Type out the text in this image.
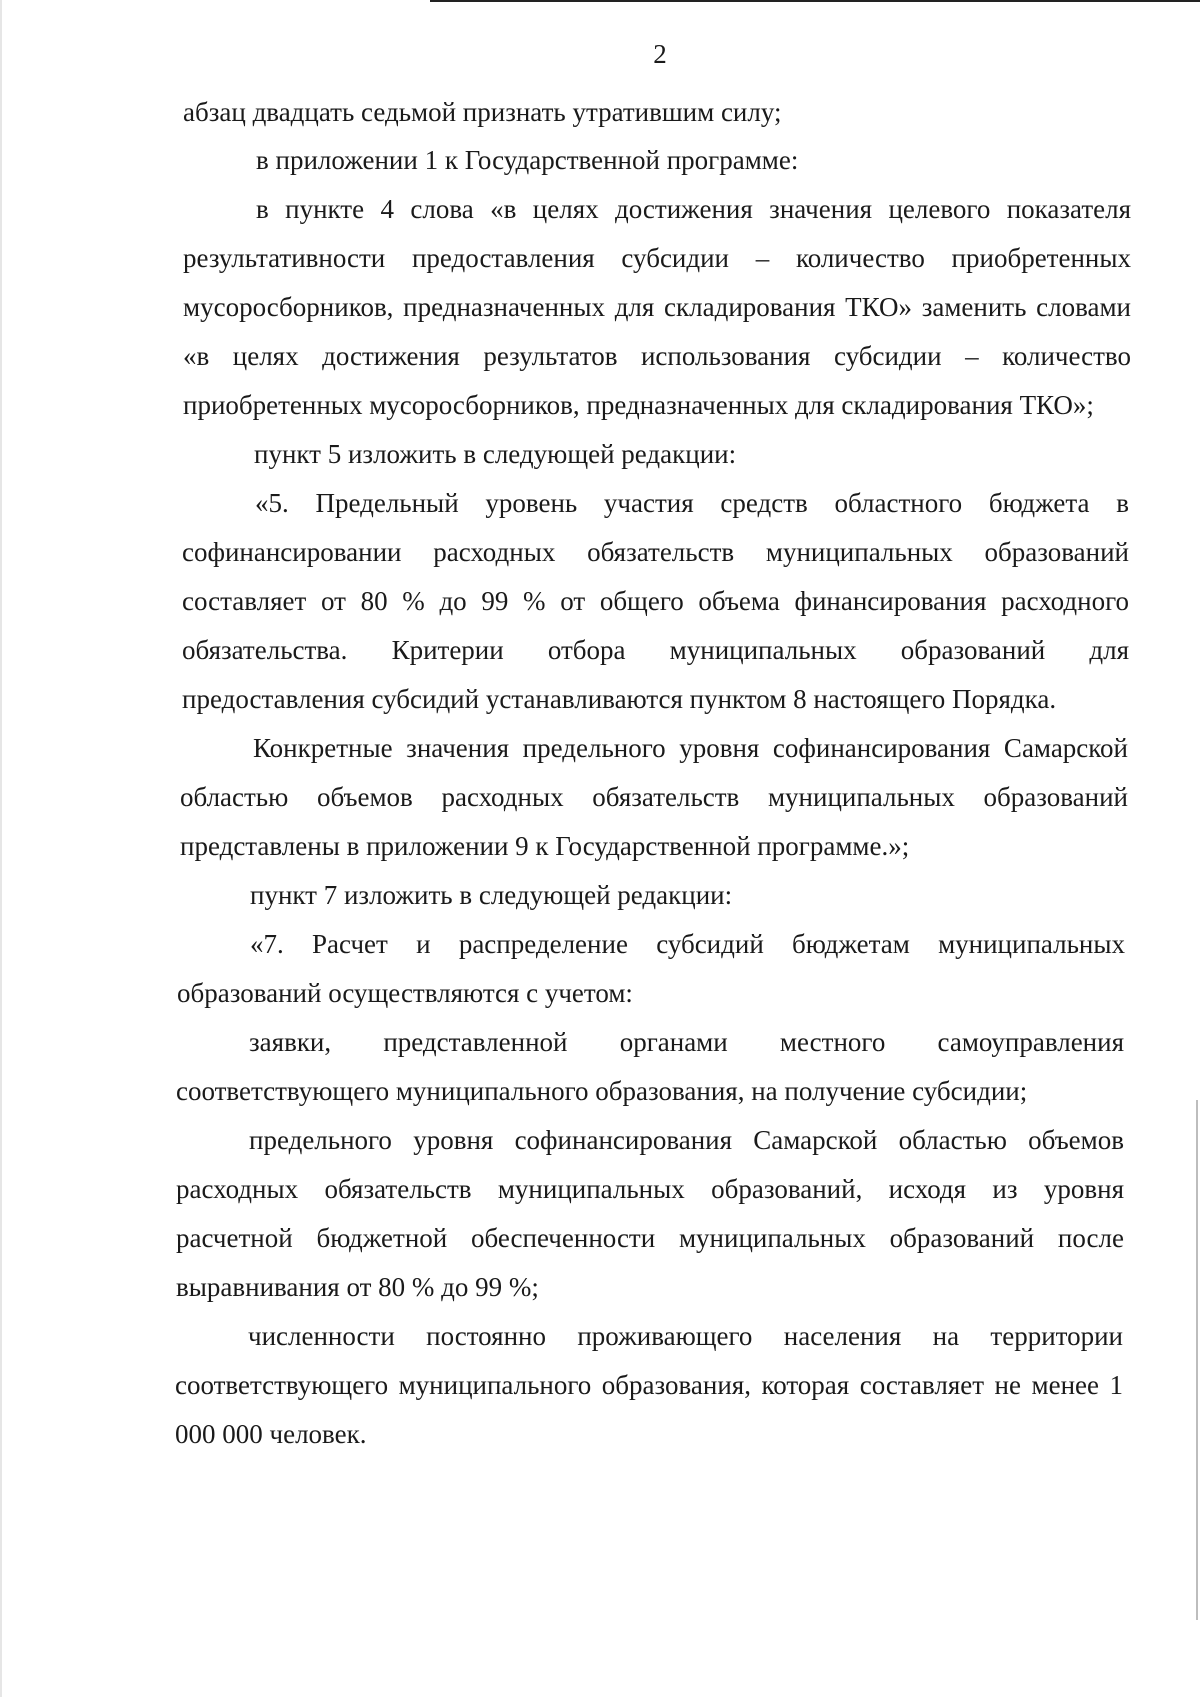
2

абзац двадцать седьмой признать утратившим силу;

в приложении 1 к Государственной программе:

в пункте 4 слова «в целях достижения значения целевого показателя результативности предоставления субсидии – количество приобретенных мусоросборников, предназначенных для складирования ТКО» заменить словами «в целях достижения результатов использования субсидии – количество приобретенных мусоросборников, предназначенных для складирования ТКО»;

пункт 5 изложить в следующей редакции:

«5. Предельный уровень участия средств областного бюджета в софинансировании расходных обязательств муниципальных образований составляет от 80 % до 99 % от общего объема финансирования расходного обязательства. Критерии отбора муниципальных образований для предоставления субсидий устанавливаются пунктом 8 настоящего Порядка.

Конкретные значения предельного уровня софинансирования Самарской областью объемов расходных обязательств муниципальных образований представлены в приложении 9 к Государственной программе.»;

пункт 7 изложить в следующей редакции:

«7. Расчет и распределение субсидий бюджетам муниципальных образований осуществляются с учетом:

заявки, представленной органами местного самоуправления соответствующего муниципального образования, на получение субсидии;

предельного уровня софинансирования Самарской областью объемов расходных обязательств муниципальных образований, исходя из уровня расчетной бюджетной обеспеченности муниципальных образований после выравнивания от 80 % до 99 %;

численности постоянно проживающего населения на территории соответствующего муниципального образования, которая составляет не менее 1 000 000 человек.
